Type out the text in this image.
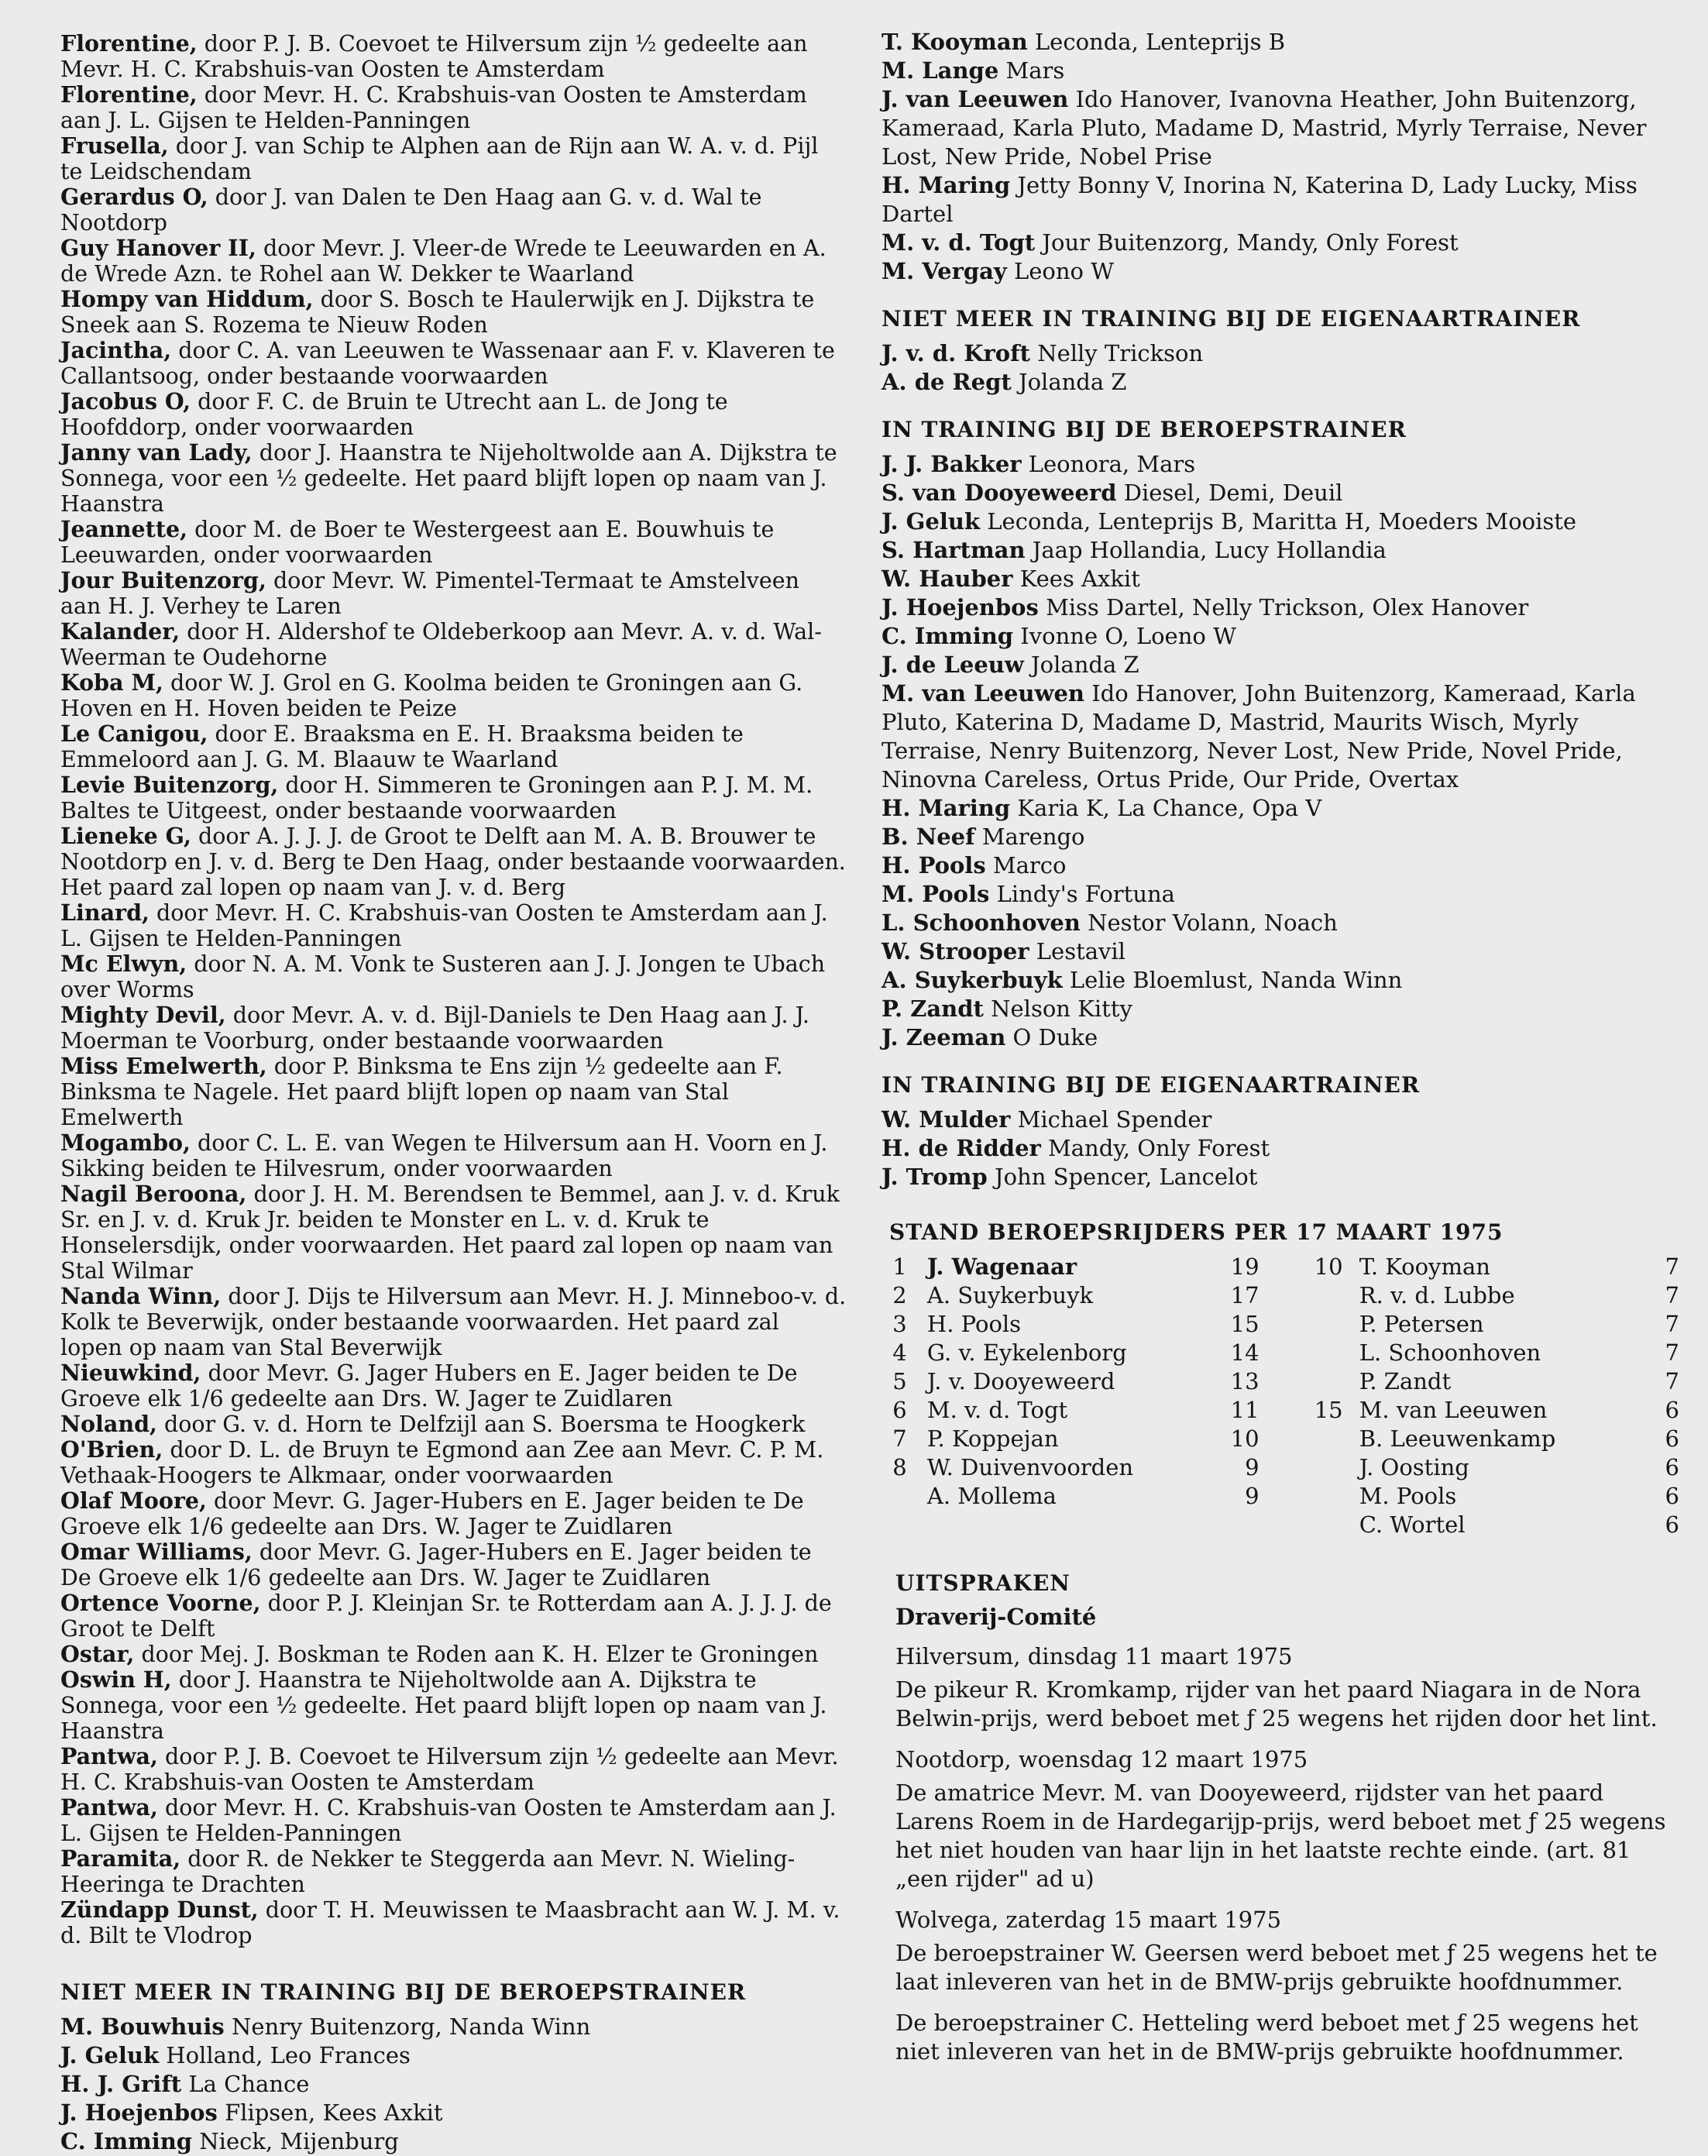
Florentine, door P. J. B. Coevoet te Hilversum zijn ½ gedeelte aan Mevr. H. C. Krabshuis-van Oosten te Amsterdam
Florentine, door Mevr. H. C. Krabshuis-van Oosten te Amsterdam aan J. L. Gijsen te Helden-Panningen
Frusella, door J. van Schip te Alphen aan de Rijn aan W. A. v. d. Pijl te Leidschendam
Gerardus O, door J. van Dalen te Den Haag aan G. v. d. Wal te Nootdorp
Guy Hanover II, door Mevr. J. Vleer-de Wrede te Leeuwarden en A. de Wrede Azn. te Rohel aan W. Dekker te Waarland
Hompy van Hiddum, door S. Bosch te Haulerwijk en J. Dijkstra te Sneek aan S. Rozema te Nieuw Roden
Jacintha, door C. A. van Leeuwen te Wassenaar aan F. v. Klaveren te Callantsoog, onder bestaande voorwaarden
Jacobus O, door F. C. de Bruin te Utrecht aan L. de Jong te Hoofddorp, onder voorwaarden
Janny van Lady, door J. Haanstra te Nijeholtwolde aan A. Dijkstra te Sonnega, voor een ½ gedeelte. Het paard blijft lopen op naam van J. Haanstra
Jeannette, door M. de Boer te Westergeest aan E. Bouwhuis te Leeuwarden, onder voorwaarden
Jour Buitenzorg, door Mevr. W. Pimentel-Termaat te Amstelveen aan H. J. Verhey te Laren
Kalander, door H. Aldershof te Oldeberkoop aan Mevr. A. v. d. Wal-Weerman te Oudehorne
Koba M, door W. J. Grol en G. Koolma beiden te Groningen aan G. Hoven en H. Hoven beiden te Peize
Le Canigou, door E. Braaksma en E. H. Braaksma beiden te Emmeloord aan J. G. M. Blaauw te Waarland
Levie Buitenzorg, door H. Simmeren te Groningen aan P. J. M. M. Baltes te Uitgeest, onder bestaande voorwaarden
Lieneke G, door A. J. J. J. de Groot te Delft aan M. A. B. Brouwer te Nootdorp en J. v. d. Berg te Den Haag, onder bestaande voorwaarden. Het paard zal lopen op naam van J. v. d. Berg
Linard, door Mevr. H. C. Krabshuis-van Oosten te Amsterdam aan J. L. Gijsen te Helden-Panningen
Mc Elwyn, door N. A. M. Vonk te Susteren aan J. J. Jongen te Ubach over Worms
Mighty Devil, door Mevr. A. v. d. Bijl-Daniels te Den Haag aan J. J. Moerman te Voorburg, onder bestaande voorwaarden
Miss Emelwerth, door P. Binksma te Ens zijn ½ gedeelte aan F. Binksma te Nagele. Het paard blijft lopen op naam van Stal Emelwerth
Mogambo, door C. L. E. van Wegen te Hilversum aan H. Voorn en J. Sikking beiden te Hilvesrum, onder voorwaarden
Nagil Beroona, door J. H. M. Berendsen te Bemmel, aan J. v. d. Kruk Sr. en J. v. d. Kruk Jr. beiden te Monster en L. v. d. Kruk te Honselersdijk, onder voorwaarden. Het paard zal lopen op naam van Stal Wilmar
Nanda Winn, door J. Dijs te Hilversum aan Mevr. H. J. Minneboo-v. d. Kolk te Beverwijk, onder bestaande voorwaarden. Het paard zal lopen op naam van Stal Beverwijk
Nieuwkind, door Mevr. G. Jager Hubers en E. Jager beiden te De Groeve elk 1/6 gedeelte aan Drs. W. Jager te Zuidlaren
Noland, door G. v. d. Horn te Delfzijl aan S. Boersma te Hoogkerk
O'Brien, door D. L. de Bruyn te Egmond aan Zee aan Mevr. C. P. M. Vethaak-Hoogers te Alkmaar, onder voorwaarden
Olaf Moore, door Mevr. G. Jager-Hubers en E. Jager beiden te De Groeve elk 1/6 gedeelte aan Drs. W. Jager te Zuidlaren
Omar Williams, door Mevr. G. Jager-Hubers en E. Jager beiden te De Groeve elk 1/6 gedeelte aan Drs. W. Jager te Zuidlaren
Ortence Voorne, door P. J. Kleinjan Sr. te Rotterdam aan A. J. J. J. de Groot te Delft
Ostar, door Mej. J. Boskman te Roden aan K. H. Elzer te Groningen
Oswin H, door J. Haanstra te Nijeholtwolde aan A. Dijkstra te Sonnega, voor een ½ gedeelte. Het paard blijft lopen op naam van J. Haanstra
Pantwa, door P. J. B. Coevoet te Hilversum zijn ½ gedeelte aan Mevr. H. C. Krabshuis-van Oosten te Amsterdam
Pantwa, door Mevr. H. C. Krabshuis-van Oosten te Amsterdam aan J. L. Gijsen te Helden-Panningen
Paramita, door R. de Nekker te Steggerda aan Mevr. N. Wieling-Heeringa te Drachten
Zündapp Dunst, door T. H. Meuwissen te Maasbracht aan W. J. M. v. d. Bilt te Vlodrop
NIET MEER IN TRAINING BIJ DE BEROEPSTRAINER
M. Bouwhuis Nenry Buitenzorg, Nanda Winn
J. Geluk Holland, Leo Frances
H. J. Grift La Chance
J. Hoejenbos Flipsen, Kees Axkit
C. Imming Nieck, Mijenburg
T. Kooyman Leconda, Lenteprijs B
M. Lange Mars
J. van Leeuwen Ido Hanover, Ivanovna Heather, John Buitenzorg, Kameraad, Karla Pluto, Madame D, Mastrid, Myrly Terraise, Never Lost, New Pride, Nobel Prise
H. Maring Jetty Bonny V, Inorina N, Katerina D, Lady Lucky, Miss Dartel
M. v. d. Togt Jour Buitenzorg, Mandy, Only Forest
M. Vergay Leono W
NIET MEER IN TRAINING BIJ DE EIGENAARTRAINER
J. v. d. Kroft Nelly Trickson
A. de Regt Jolanda Z
IN TRAINING BIJ DE BEROEPSTRAINER
J. J. Bakker Leonora, Mars
S. van Dooyeweerd Diesel, Demi, Deuil
J. Geluk Leconda, Lenteprijs B, Maritta H, Moeders Mooiste
S. Hartman Jaap Hollandia, Lucy Hollandia
W. Hauber Kees Axkit
J. Hoejenbos Miss Dartel, Nelly Trickson, Olex Hanover
C. Imming Ivonne O, Loeno W
J. de Leeuw Jolanda Z
M. van Leeuwen Ido Hanover, John Buitenzorg, Kameraad, Karla Pluto, Katerina D, Madame D, Mastrid, Maurits Wisch, Myrly Terraise, Nenry Buitenzorg, Never Lost, New Pride, Novel Pride, Ninovna Careless, Ortus Pride, Our Pride, Overtax
H. Maring Karia K, La Chance, Opa V
B. Neef Marengo
H. Pools Marco
M. Pools Lindy's Fortuna
L. Schoonhoven Nestor Volann, Noach
W. Strooper Lestavil
A. Suykerbuyk Lelie Bloemlust, Nanda Winn
P. Zandt Nelson Kitty
J. Zeeman O Duke
IN TRAINING BIJ DE EIGENAARTRAINER
W. Mulder Michael Spender
H. de Ridder Mandy, Only Forest
J. Tromp John Spencer, Lancelot
STAND BEROEPSRIJDERS PER 17 MAART 1975
1	J. Wagenaar	19	10	T. Kooyman	7
2	A. Suykerbuyk	17		R. v. d. Lubbe	7
3	H. Pools	15		P. Petersen	7
4	G. v. Eykelenborg	14		L. Schoonhoven	7
5	J. v. Dooyeweerd	13		P. Zandt	7
6	M. v. d. Togt	11	15	M. van Leeuwen	6
7	P. Koppejan	10		B. Leeuwenkamp	6
8	W. Duivenvoorden	9		J. Oosting	6
	A. Mollema	9		M. Pools	6
				C. Wortel	6
UITSPRAKEN
Draverij-Comité
Hilversum, dinsdag 11 maart 1975
De pikeur R. Kromkamp, rijder van het paard Niagara in de Nora Belwin-prijs, werd beboet met ƒ 25 wegens het rijden door het lint.
Nootdorp, woensdag 12 maart 1975
De amatrice Mevr. M. van Dooyeweerd, rijdster van het paard Larens Roem in de Hardegarijp-prijs, werd beboet met ƒ 25 wegens het niet houden van haar lijn in het laatste rechte einde. (art. 81 „een rijder" ad u)
Wolvega, zaterdag 15 maart 1975
De beroepstrainer W. Geersen werd beboet met ƒ 25 wegens het te laat inleveren van het in de BMW-prijs gebruikte hoofdnummer.
De beroepstrainer C. Hetteling werd beboet met ƒ 25 wegens het niet inleveren van het in de BMW-prijs gebruikte hoofdnummer.
